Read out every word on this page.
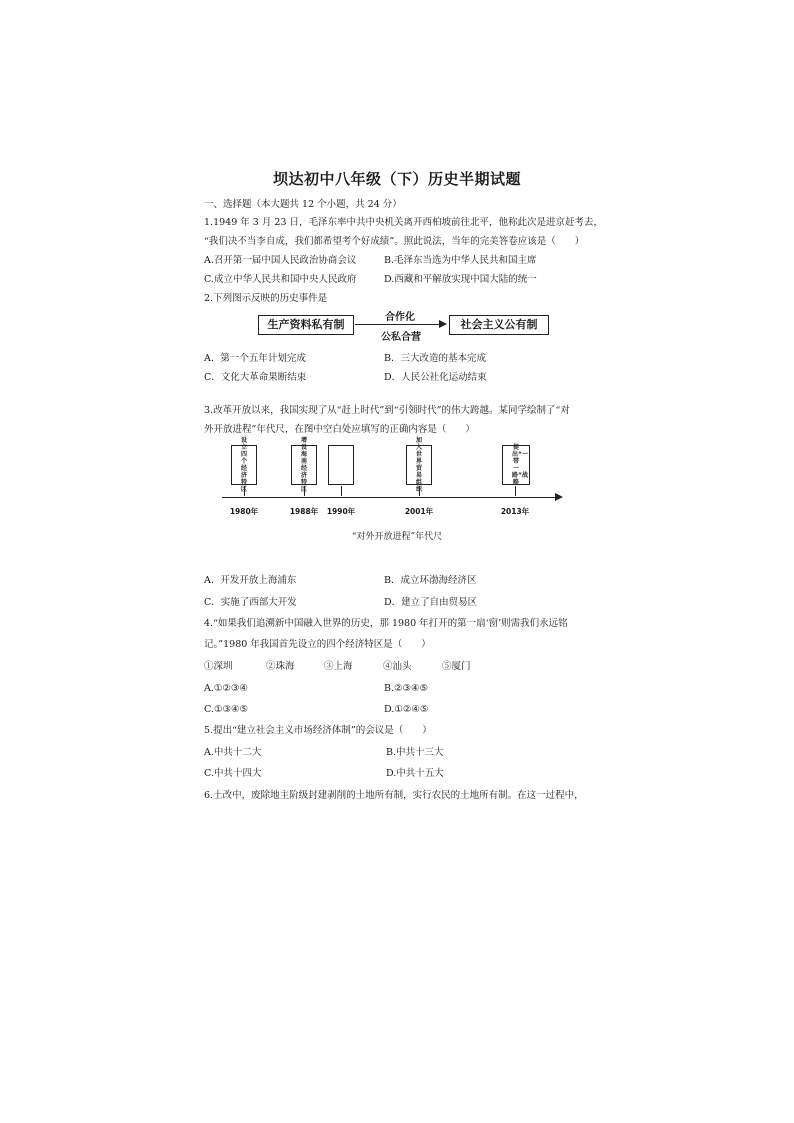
坝达初中八年级（下）历史半期试题
一、选择题（本大题共 12 个小题，共 24 分）
1.1949 年 3 月 23 日，毛泽东率中共中央机关离开西柏坡前往北平，他称此次是进京赶考去，
“我们决不当李自成，我们都希望考个好成绩”。照此说法，当年的完美答卷应该是（　　）
A.召开第一届中国人民政治协商会议	B.毛泽东当选为中华人民共和国主席
C.成立中华人民共和国中央人民政府	D.西藏和平解放实现中国大陆的统一
2.下列图示反映的历史事件是
生产资料私有制
合作化
公私合营
社会主义公有制
A．第一个五年计划完成	B．三大改造的基本完成
C．文化大革命果断结束	D．人民公社化运动结束
3.改革开放以来，我国实现了从“赶上时代”到“引领时代”的伟大跨越。某同学绘制了“对
外开放进程”年代尺，在图中空白处应填写的正确内容是（　　）
设立四个经济特区
增设海南经济特区
加入世界贸易组织
提出“一带一路”战略
1980年	1988年	1990年	2001年	2013年
“对外开放进程”年代尺
A．开发开放上海浦东	B．成立环渤海经济区
C．实施了西部大开发	D．建立了自由贸易区
4.“如果我们追溯新中国融入世界的历史，那 1980 年打开的第一扇‘窗’则需我们永远铭
记。”1980 年我国首先设立的四个经济特区是（　　）
①深圳	②珠海	③上海	④汕头	⑤厦门
A.①②③④	B.②③④⑤
C.①③④⑤	D.①②④⑤
5.提出“建立社会主义市场经济体制”的会议是（　　）
A.中共十二大	B.中共十三大
C.中共十四大	D.中共十五大
6.土改中，废除地主阶级封建剥削的土地所有制，实行农民的土地所有制。在这一过程中，
